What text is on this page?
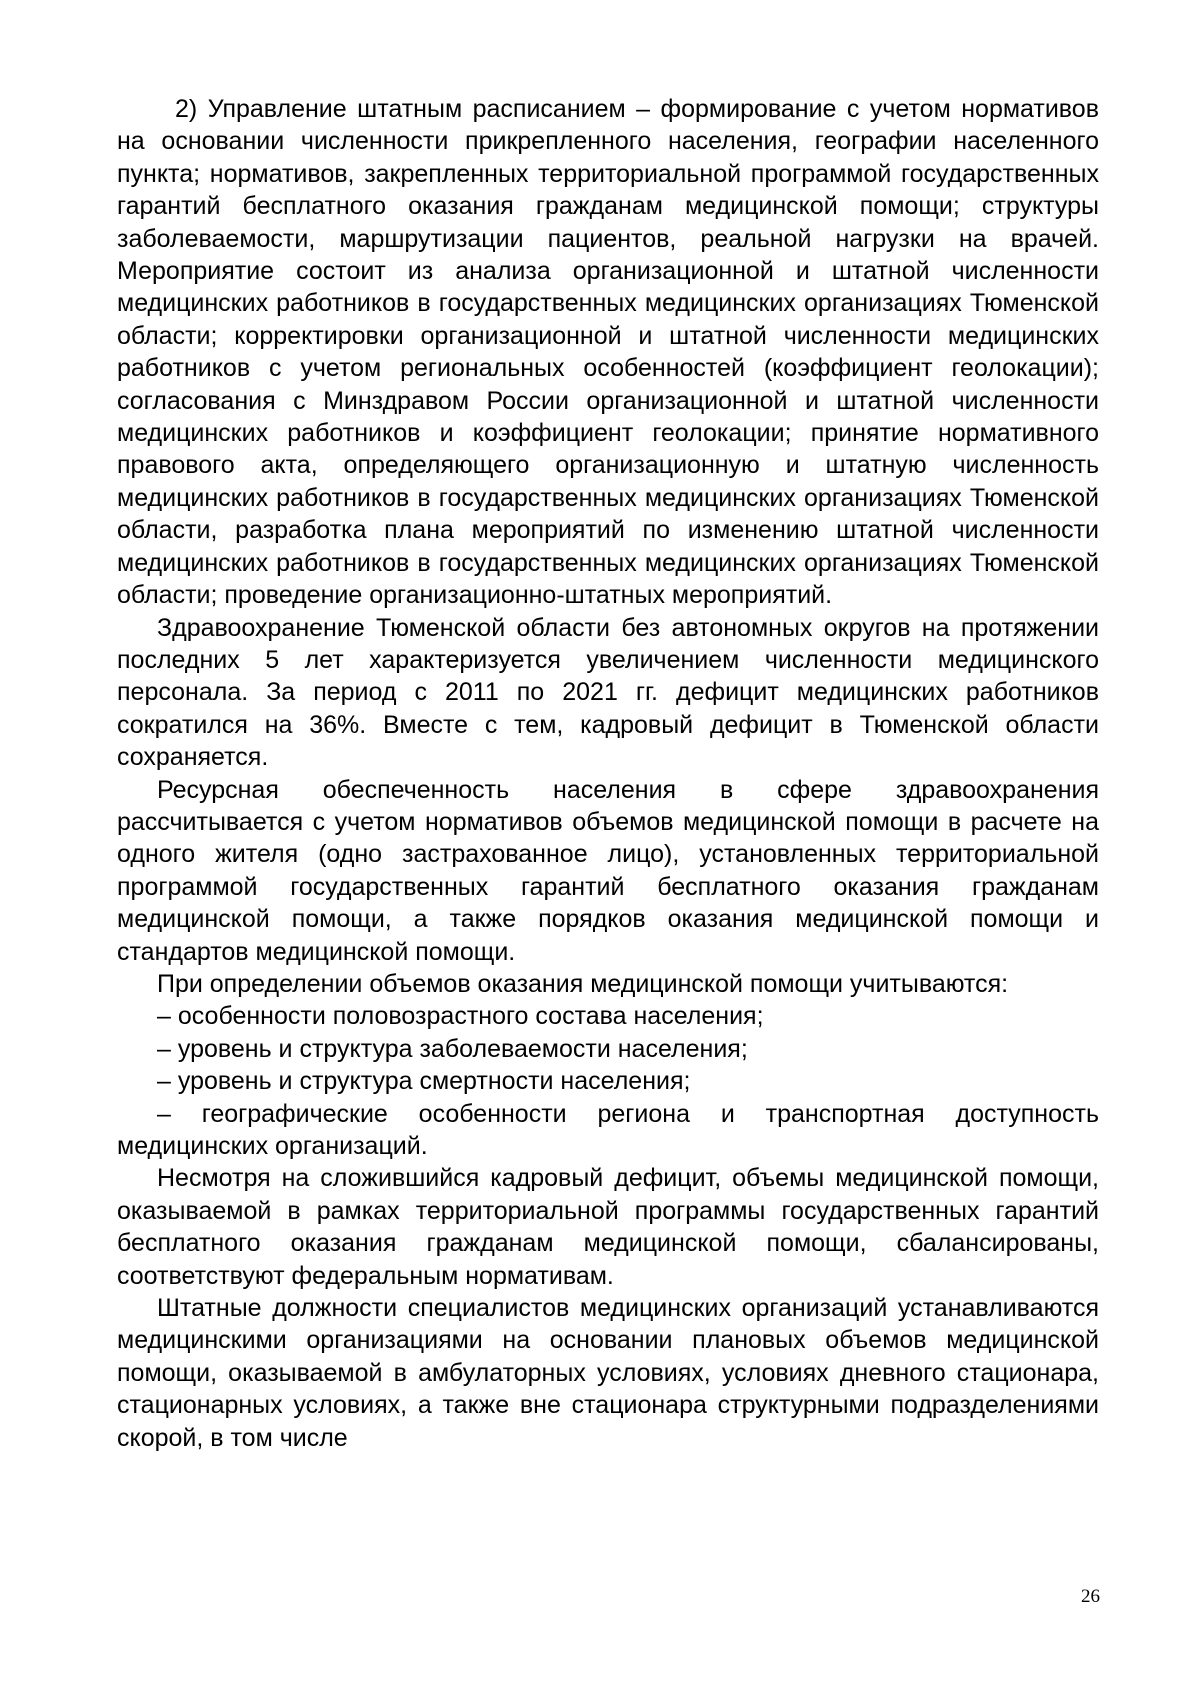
2) Управление штатным расписанием – формирование с учетом нормативов на основании численности прикрепленного населения, географии населенного пункта; нормативов, закрепленных территориальной программой государственных гарантий бесплатного оказания гражданам медицинской помощи; структуры заболеваемости, маршрутизации пациентов, реальной нагрузки на врачей. Мероприятие состоит из анализа организационной и штатной численности медицинских работников в государственных медицинских организациях Тюменской области; корректировки организационной и штатной численности медицинских работников с учетом региональных особенностей (коэффициент геолокации); согласования с Минздравом России организационной и штатной численности медицинских работников и коэффициент геолокации; принятие нормативного правового акта, определяющего организационную и штатную численность медицинских работников в государственных медицинских организациях Тюменской области, разработка плана мероприятий по изменению штатной численности медицинских работников в государственных медицинских организациях Тюменской области; проведение организационно-штатных мероприятий.

Здравоохранение Тюменской области без автономных округов на протяжении последних 5 лет характеризуется увеличением численности медицинского персонала. За период с 2011 по 2021 гг. дефицит медицинских работников сократился на 36%. Вместе с тем, кадровый дефицит в Тюменской области сохраняется.

Ресурсная обеспеченность населения в сфере здравоохранения рассчитывается с учетом нормативов объемов медицинской помощи в расчете на одного жителя (одно застрахованное лицо), установленных территориальной программой государственных гарантий бесплатного оказания гражданам медицинской помощи, а также порядков оказания медицинской помощи и стандартов медицинской помощи.

При определении объемов оказания медицинской помощи учитываются:

– особенности половозрастного состава населения;

– уровень и структура заболеваемости населения;

– уровень и структура смертности населения;

– географические особенности региона и транспортная доступность медицинских организаций.

Несмотря на сложившийся кадровый дефицит, объемы медицинской помощи, оказываемой в рамках территориальной программы государственных гарантий бесплатного оказания гражданам медицинской помощи, сбалансированы, соответствуют федеральным нормативам.

Штатные должности специалистов медицинских организаций устанавливаются медицинскими организациями на основании плановых объемов медицинской помощи, оказываемой в амбулаторных условиях, условиях дневного стационара, стационарных условиях, а также вне стационара структурными подразделениями скорой, в том числе

26
